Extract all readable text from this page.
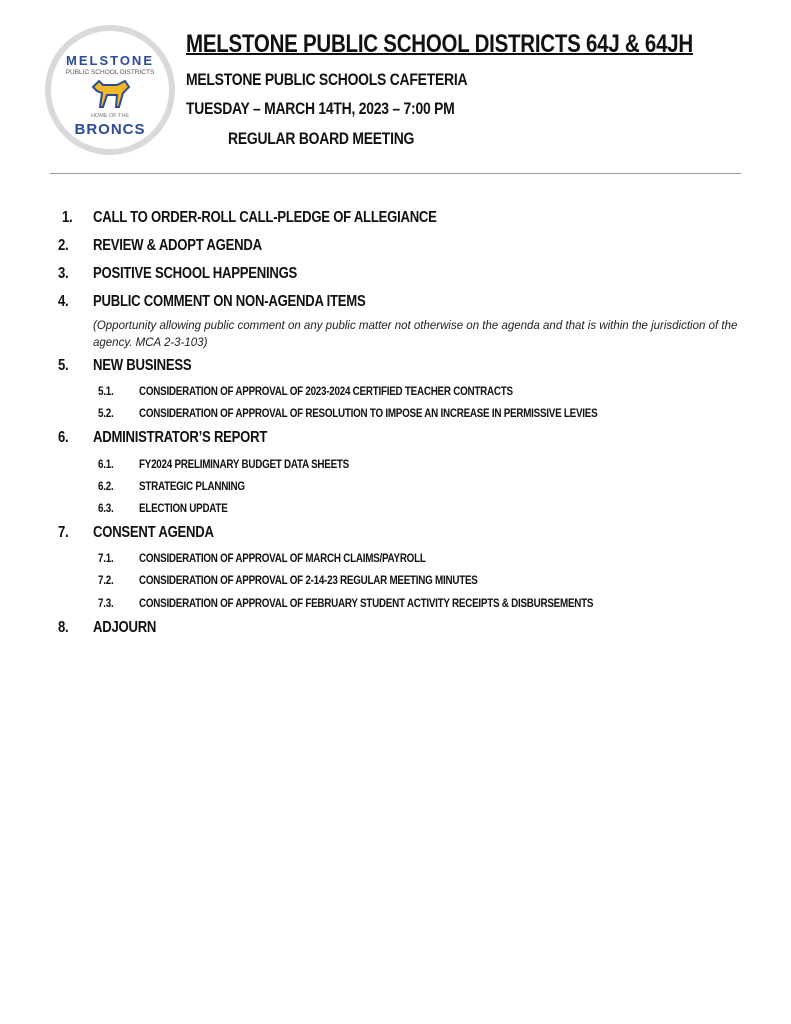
MELSTONE
PUBLIC SCHOOL DISTRICTS
HOME OF THE
BRONCS
MELSTONE PUBLIC SCHOOL DISTRICTS 64J & 64JH
MELSTONE PUBLIC SCHOOLS CAFETERIA
TUESDAY – MARCH 14TH, 2023 – 7:00 PM
REGULAR BOARD MEETING
1. CALL TO ORDER-ROLL CALL-PLEDGE OF ALLEGIANCE
2. REVIEW & ADOPT AGENDA
3. POSITIVE SCHOOL HAPPENINGS
4. PUBLIC COMMENT ON NON-AGENDA ITEMS
(Opportunity allowing public comment on any public matter not otherwise on the agenda and that is within the jurisdiction of the agency. MCA 2-3-103)
5. NEW BUSINESS
5.1. CONSIDERATION OF APPROVAL OF 2023-2024 CERTIFIED TEACHER CONTRACTS
5.2. CONSIDERATION OF APPROVAL OF RESOLUTION TO IMPOSE AN INCREASE IN PERMISSIVE LEVIES
6. ADMINISTRATOR’S REPORT
6.1. FY2024 PRELIMINARY BUDGET DATA SHEETS
6.2. STRATEGIC PLANNING
6.3. ELECTION UPDATE
7. CONSENT AGENDA
7.1. CONSIDERATION OF APPROVAL OF MARCH CLAIMS/PAYROLL
7.2. CONSIDERATION OF APPROVAL OF 2-14-23 REGULAR MEETING MINUTES
7.3. CONSIDERATION OF APPROVAL OF FEBRUARY STUDENT ACTIVITY RECEIPTS & DISBURSEMENTS
8. ADJOURN
